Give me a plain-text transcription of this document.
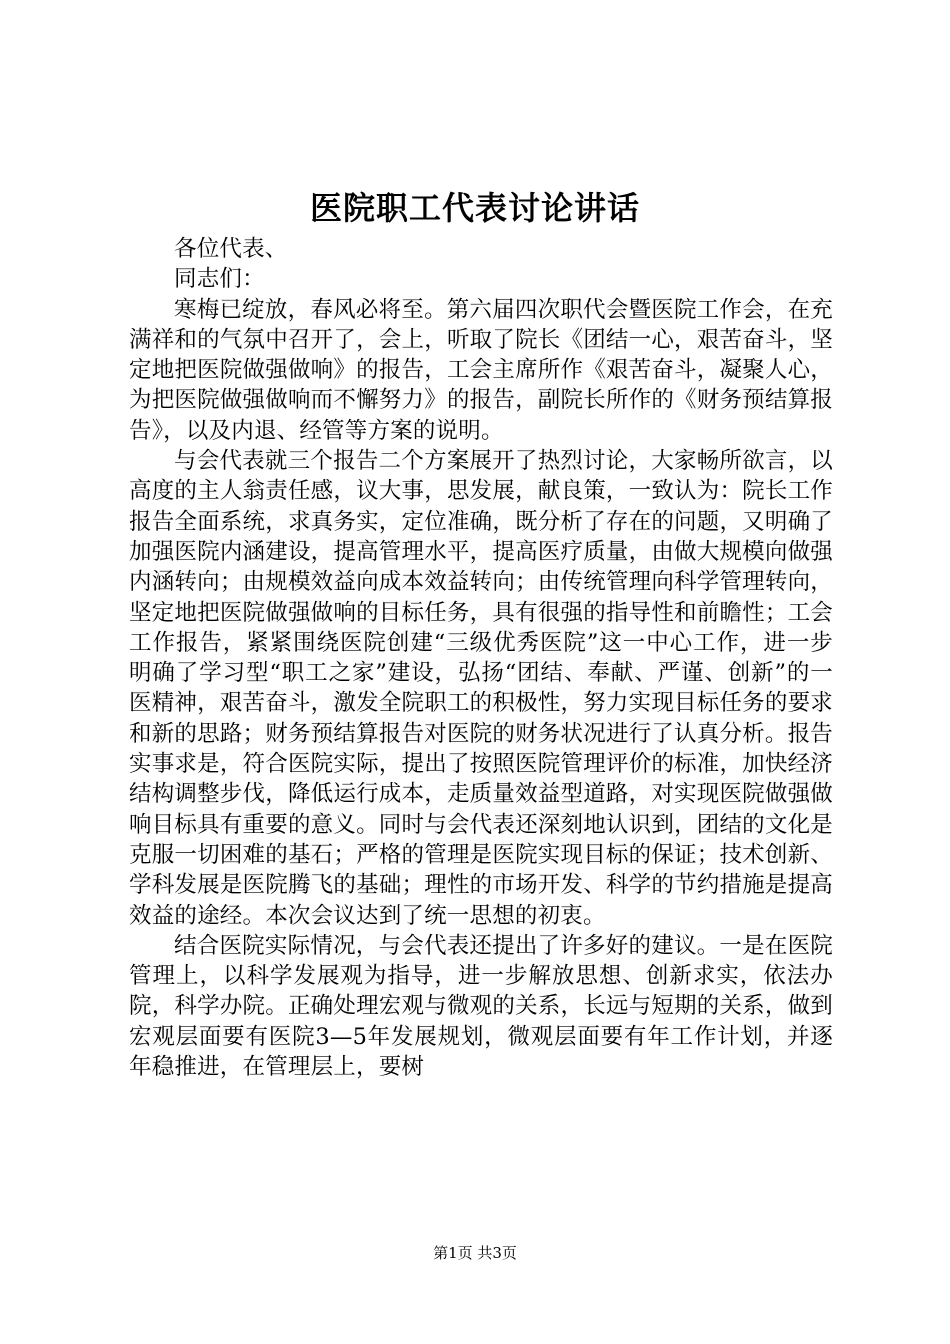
医院职工代表讨论讲话

各位代表、

同志们：

寒梅已绽放，春风必将至。第六届四次职代会暨医院工作会，在充满祥和的气氛中召开了，会上，听取了院长《团结一心，艰苦奋斗，坚定地把医院做强做响》的报告，工会主席所作《艰苦奋斗，凝聚人心，为把医院做强做响而不懈努力》的报告，副院长所作的《财务预结算报告》，以及内退、经管等方案的说明。

与会代表就三个报告二个方案展开了热烈讨论，大家畅所欲言，以高度的主人翁责任感，议大事，思发展，献良策，一致认为：院长工作报告全面系统，求真务实，定位准确，既分析了存在的问题，又明确了加强医院内涵建设，提高管理水平，提高医疗质量，由做大规模向做强内涵转向；由规模效益向成本效益转向；由传统管理向科学管理转向，坚定地把医院做强做响的目标任务，具有很强的指导性和前瞻性；工会工作报告，紧紧围绕医院创建“三级优秀医院”这一中心工作，进一步明确了学习型“职工之家”建设，弘扬“团结、奉献、严谨、创新”的一医精神，艰苦奋斗，激发全院职工的积极性，努力实现目标任务的要求和新的思路；财务预结算报告对医院的财务状况进行了认真分析。报告实事求是，符合医院实际，提出了按照医院管理评价的标准，加快经济结构调整步伐，降低运行成本，走质量效益型道路，对实现医院做强做响目标具有重要的意义。同时与会代表还深刻地认识到，团结的文化是克服一切困难的基石；严格的管理是医院实现目标的保证；技术创新、学科发展是医院腾飞的基础；理性的市场开发、科学的节约措施是提高效益的途经。本次会议达到了统一思想的初衷。

结合医院实际情况，与会代表还提出了许多好的建议。一是在医院管理上，以科学发展观为指导，进一步解放思想、创新求实，依法办院，科学办院。正确处理宏观与微观的关系，长远与短期的关系，做到宏观层面要有医院3—5年发展规划，微观层面要有年工作计划，并逐年稳推进，在管理层上，要树

第1页 共3页
